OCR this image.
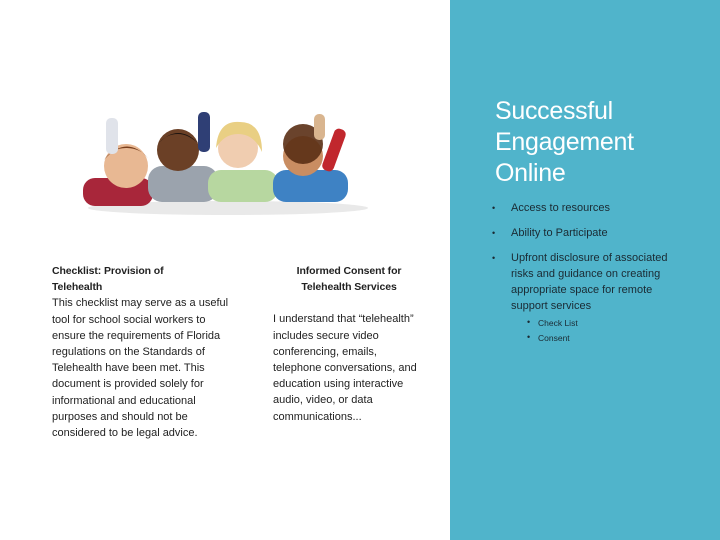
Checklist: Provision of
Telehealth
This checklist may serve as a useful tool for school social workers to ensure the requirements of Florida regulations on the Standards of Telehealth have been met. This document is provided solely for informational and educational purposes and should not be considered to be legal advice.
Informed Consent for
Telehealth Services
I understand that “telehealth” includes secure video conferencing, emails, telephone conversations, and education using interactive audio, video, or data communications...
Successful
Engagement
Online
• Access to resources
• Ability to Participate
• Upfront disclosure of associated risks and guidance on creating appropriate space for remote support services
• Check List
• Consent
